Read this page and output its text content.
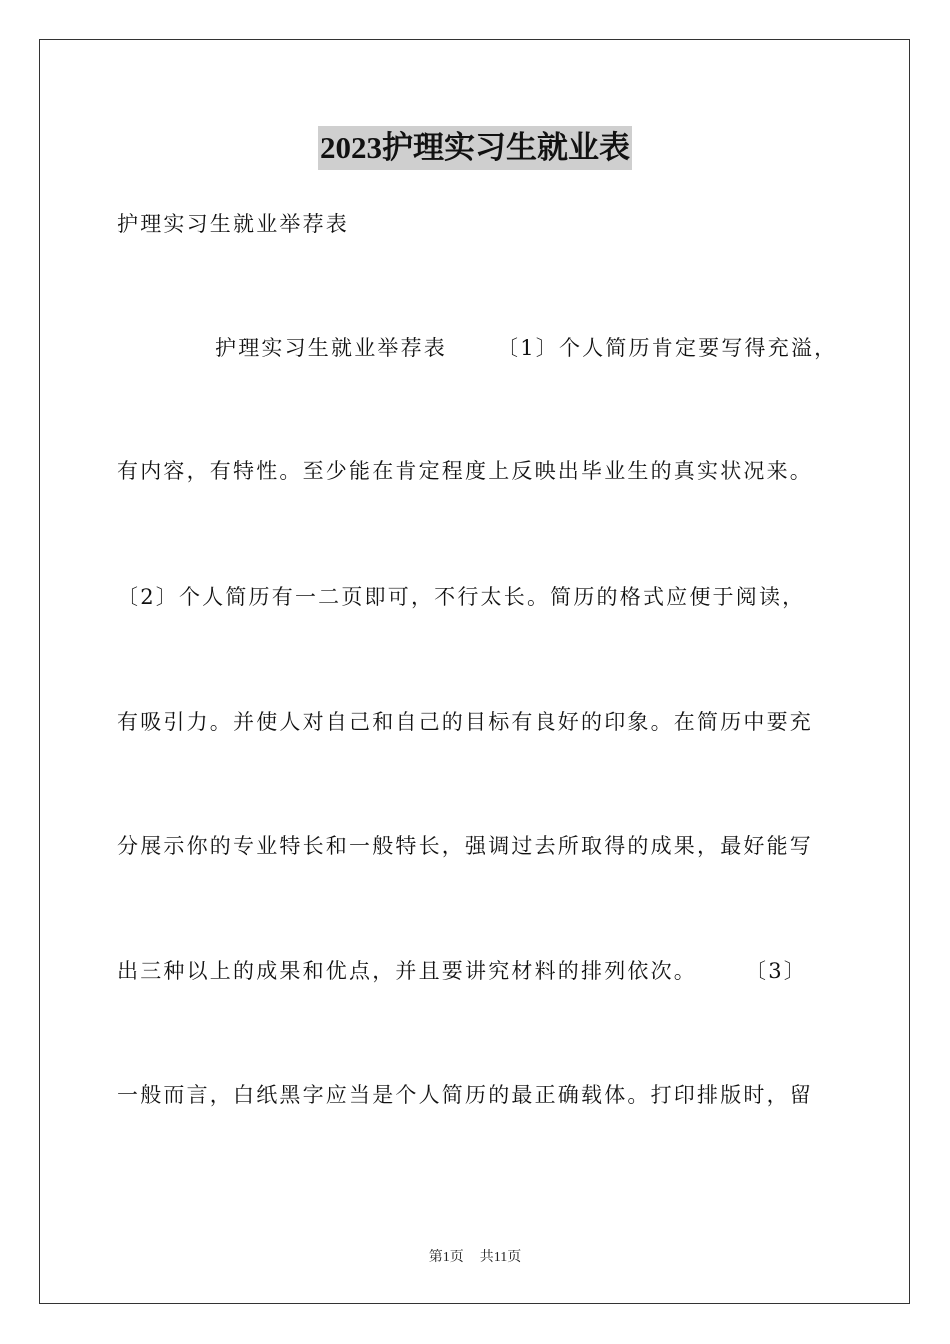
2023护理实习生就业表
护理实习生就业举荐表
护理实习生就业举荐表 〔1〕个人简历肯定要写得充溢，
有内容，有特性。至少能在肯定程度上反映出毕业生的真实状况来。
〔2〕个人简历有一二页即可，不行太长。简历的格式应便于阅读，
有吸引力。并使人对自己和自己的目标有良好的印象。在简历中要充
分展示你的专业特长和一般特长，强调过去所取得的成果，最好能写
出三种以上的成果和优点，并且要讲究材料的排列依次。 〔3〕
一般而言，白纸黑字应当是个人简历的最正确载体。打印排版时，留
第1页 共11页
